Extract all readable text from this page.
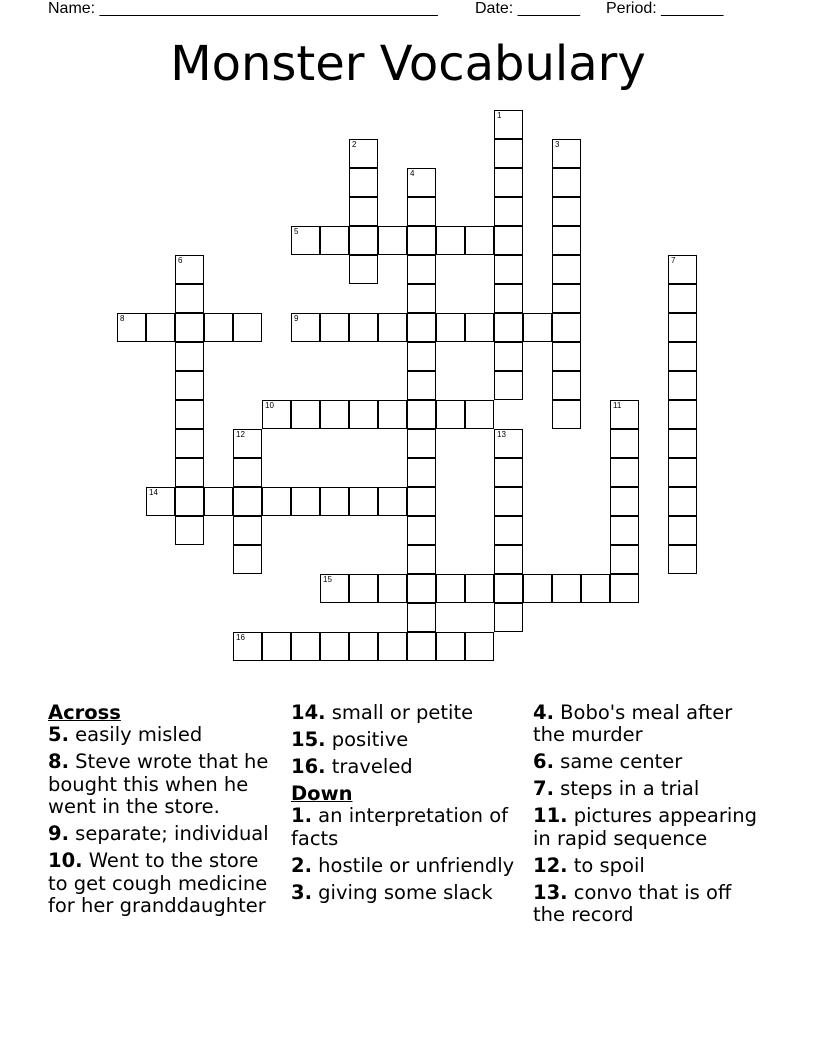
Name: ______________________________________

Date: _______

Period: _______

Monster Vocabulary
1
2	3
4
5
6	7
8	9
10	11
12	13
14
15
16
Across
5. easily misled
8. Steve wrote that he bought this when he went in the store.
9. separate; individual
10. Went to the store to get cough medicine for her granddaughter
14. small or petite
15. positive
16. traveled
Down
1. an interpretation of facts
2. hostile or unfriendly
3. giving some slack
4. Bobo's meal after the murder
6. same center
7. steps in a trial
11. pictures appearing in rapid sequence
12. to spoil
13. convo that is off the record
